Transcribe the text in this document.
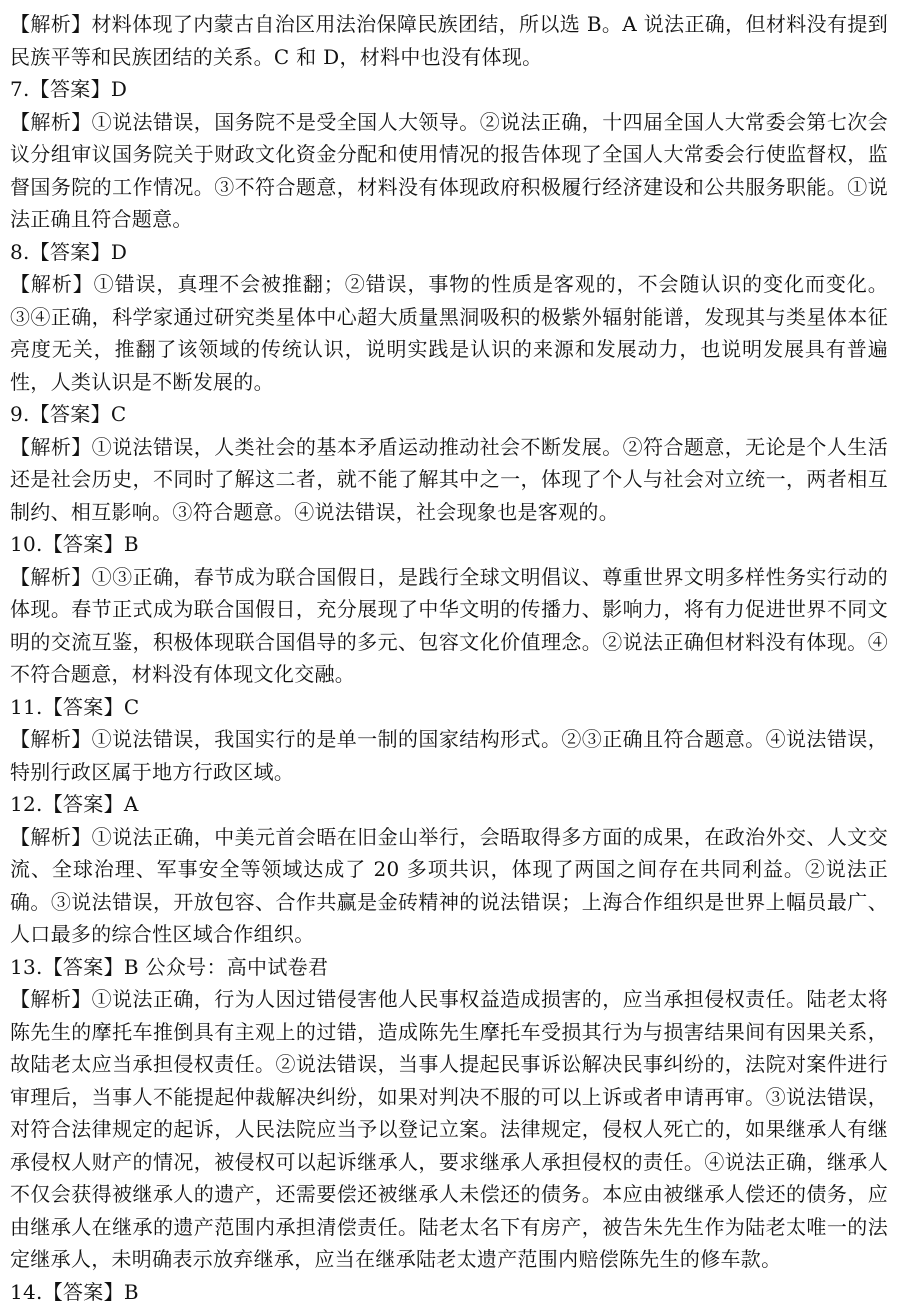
【解析】材料体现了内蒙古自治区用法治保障民族团结，所以选 B。A 说法正确，但材料没有提到民族平等和民族团结的关系。C 和 D，材料中也没有体现。

7.【答案】D

【解析】①说法错误，国务院不是受全国人大领导。②说法正确，十四届全国人大常委会第七次会议分组审议国务院关于财政文化资金分配和使用情况的报告体现了全国人大常委会行使监督权，监督国务院的工作情况。③不符合题意，材料没有体现政府积极履行经济建设和公共服务职能。①说法正确且符合题意。

8.【答案】D

【解析】①错误，真理不会被推翻；②错误，事物的性质是客观的，不会随认识的变化而变化。③④正确，科学家通过研究类星体中心超大质量黑洞吸积的极紫外辐射能谱，发现其与类星体本征亮度无关，推翻了该领域的传统认识，说明实践是认识的来源和发展动力，也说明发展具有普遍性，人类认识是不断发展的。

9.【答案】C

【解析】①说法错误，人类社会的基本矛盾运动推动社会不断发展。②符合题意，无论是个人生活还是社会历史，不同时了解这二者，就不能了解其中之一，体现了个人与社会对立统一，两者相互制约、相互影响。③符合题意。④说法错误，社会现象也是客观的。

10.【答案】B

【解析】①③正确，春节成为联合国假日，是践行全球文明倡议、尊重世界文明多样性务实行动的体现。春节正式成为联合国假日，充分展现了中华文明的传播力、影响力，将有力促进世界不同文明的交流互鉴，积极体现联合国倡导的多元、包容文化价值理念。②说法正确但材料没有体现。④不符合题意，材料没有体现文化交融。

11.【答案】C

【解析】①说法错误，我国实行的是单一制的国家结构形式。②③正确且符合题意。④说法错误，特别行政区属于地方行政区域。

12.【答案】A

【解析】①说法正确，中美元首会晤在旧金山举行，会晤取得多方面的成果，在政治外交、人文交流、全球治理、军事安全等领域达成了 20 多项共识，体现了两国之间存在共同利益。②说法正确。③说法错误，开放包容、合作共赢是金砖精神的说法错误；上海合作组织是世界上幅员最广、人口最多的综合性区域合作组织。

13.【答案】B 公众号：高中试卷君

【解析】①说法正确，行为人因过错侵害他人民事权益造成损害的，应当承担侵权责任。陆老太将陈先生的摩托车推倒具有主观上的过错，造成陈先生摩托车受损其行为与损害结果间有因果关系，故陆老太应当承担侵权责任。②说法错误，当事人提起民事诉讼解决民事纠纷的，法院对案件进行审理后，当事人不能提起仲裁解决纠纷，如果对判决不服的可以上诉或者申请再审。③说法错误，对符合法律规定的起诉，人民法院应当予以登记立案。法律规定，侵权人死亡的，如果继承人有继承侵权人财产的情况，被侵权可以起诉继承人，要求继承人承担侵权的责任。④说法正确，继承人不仅会获得被继承人的遗产，还需要偿还被继承人未偿还的债务。本应由被继承人偿还的债务，应由继承人在继承的遗产范围内承担清偿责任。陆老太名下有房产，被告朱先生作为陆老太唯一的法定继承人，未明确表示放弃继承，应当在继承陆老太遗产范围内赔偿陈先生的修车款。

14.【答案】B
